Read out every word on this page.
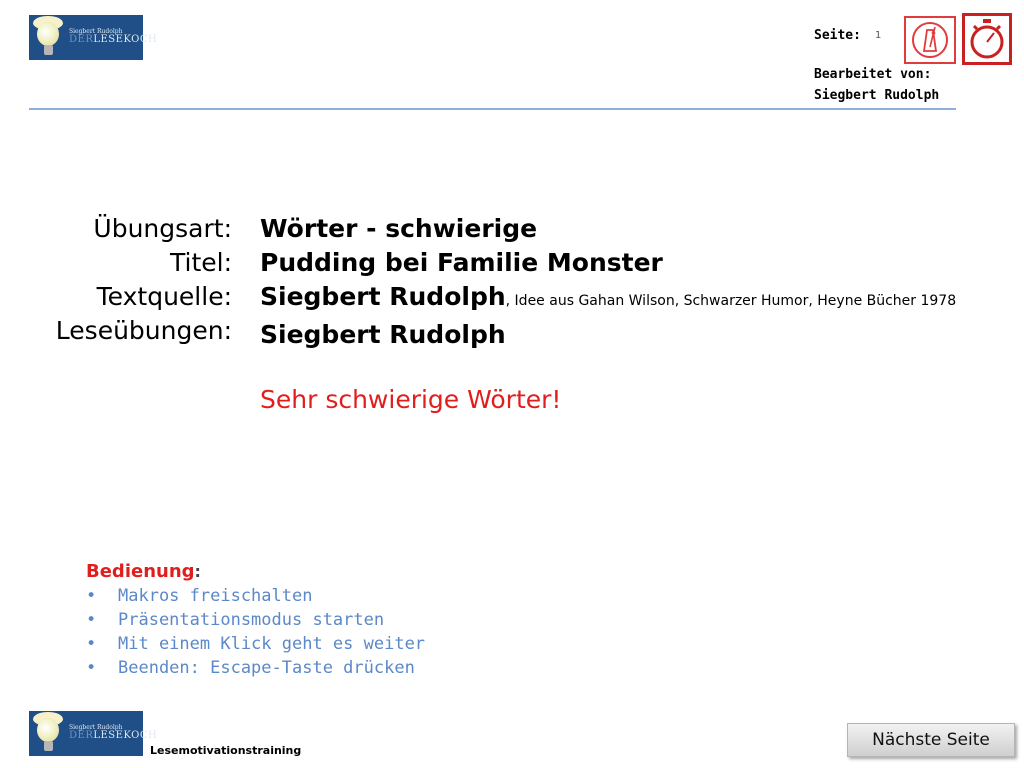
Siegbert Rudolph
DERLESEKOCH	Seite: 1
Bearbeitet von:
Siegbert Rudolph
Übungsart:
Titel:
Textquelle:
Leseübungen:
Wörter - schwierige
Pudding bei Familie Monster
Siegbert Rudolph, Idee aus Gahan Wilson, Schwarzer Humor, Heyne Bücher 1978
Siegbert Rudolph
Sehr schwierige Wörter!
Bedienung:
• Makros freischalten
• Präsentationsmodus starten
• Mit einem Klick geht es weiter
• Beenden: Escape-Taste drücken
Siegbert Rudolph
DERLESEKOCH
Lesemotivationstraining
Nächste Seite
